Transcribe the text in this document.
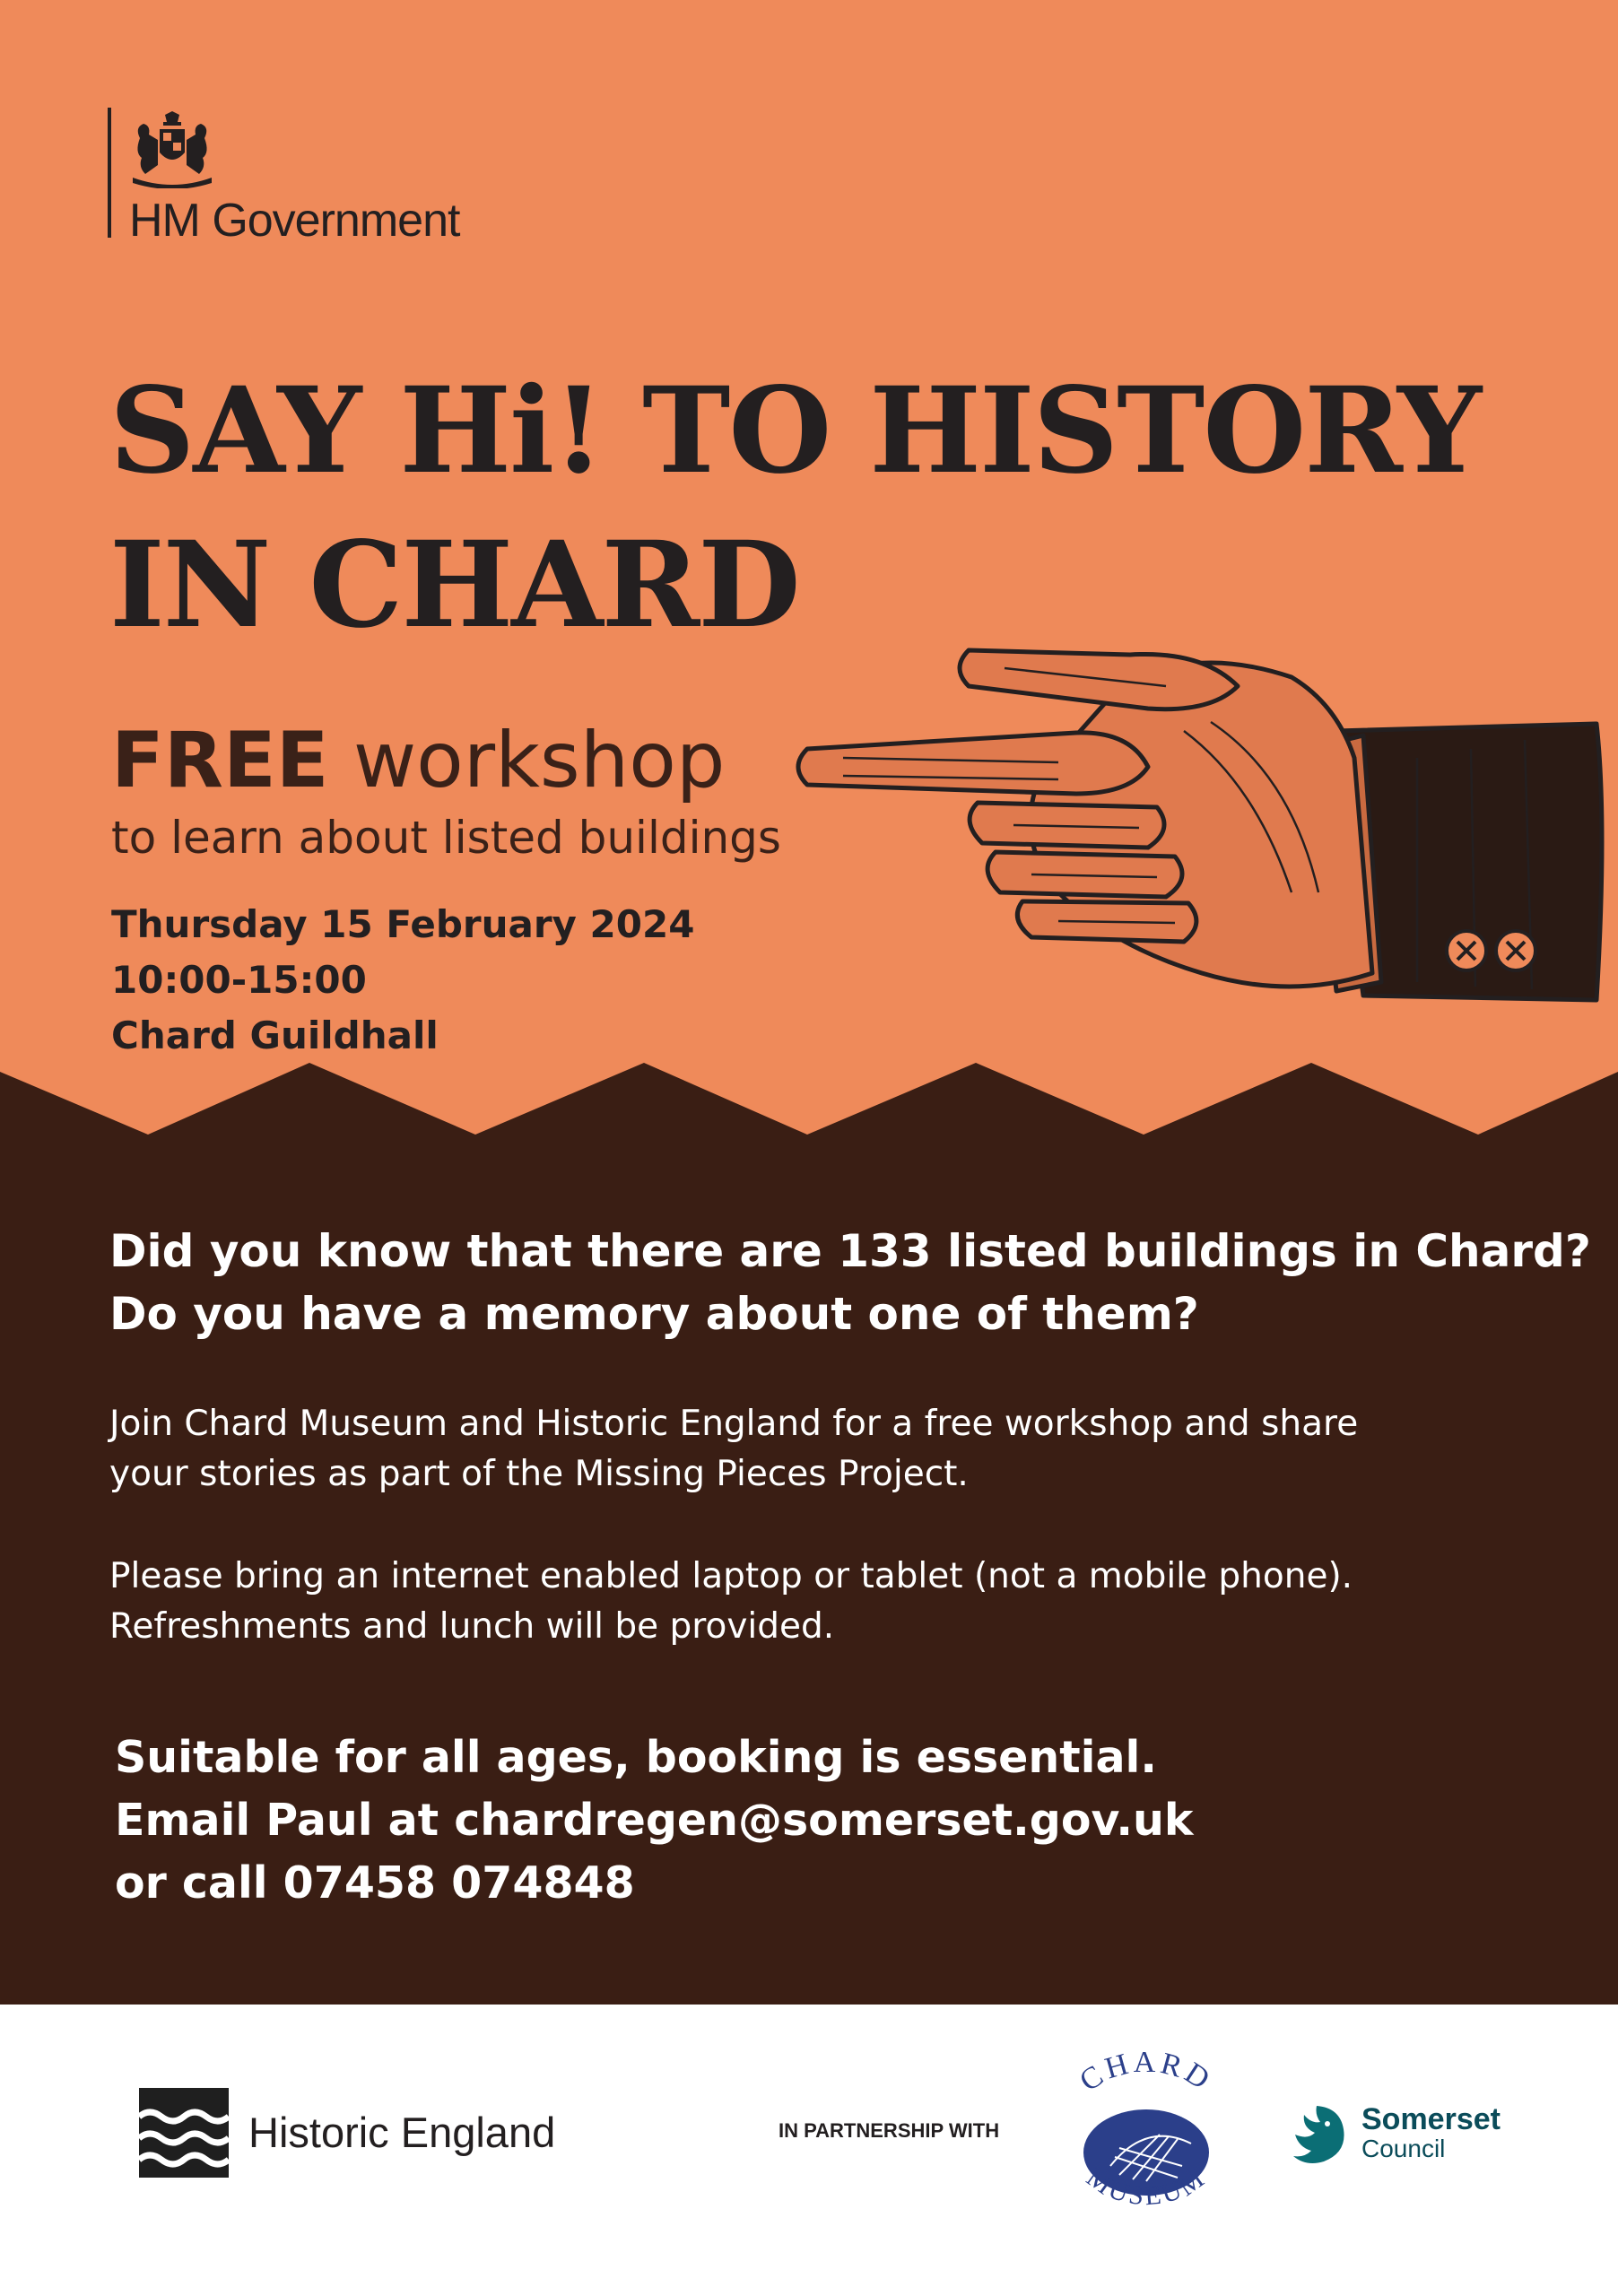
HM Government
SAY Hi! TO HISTORY
IN CHARD

FREE workshop

to learn about listed buildings
Thursday 15 February 2024
10:00-15:00
Chard Guildhall
Did you know that there are 133 listed buildings in Chard?
Do you have a memory about one of them?
Join Chard Museum and Historic England for a free workshop and share
your stories as part of the Missing Pieces Project.
Please bring an internet enabled laptop or tablet (not a mobile phone).
Refreshments and lunch will be provided.
Suitable for all ages, booking is essential.
Email Paul at chardregen@somerset.gov.uk
or call 07458 074848
Historic England	IN PARTNERSHIP WITH
CHARD
MUSEUM
Somerset
Council
